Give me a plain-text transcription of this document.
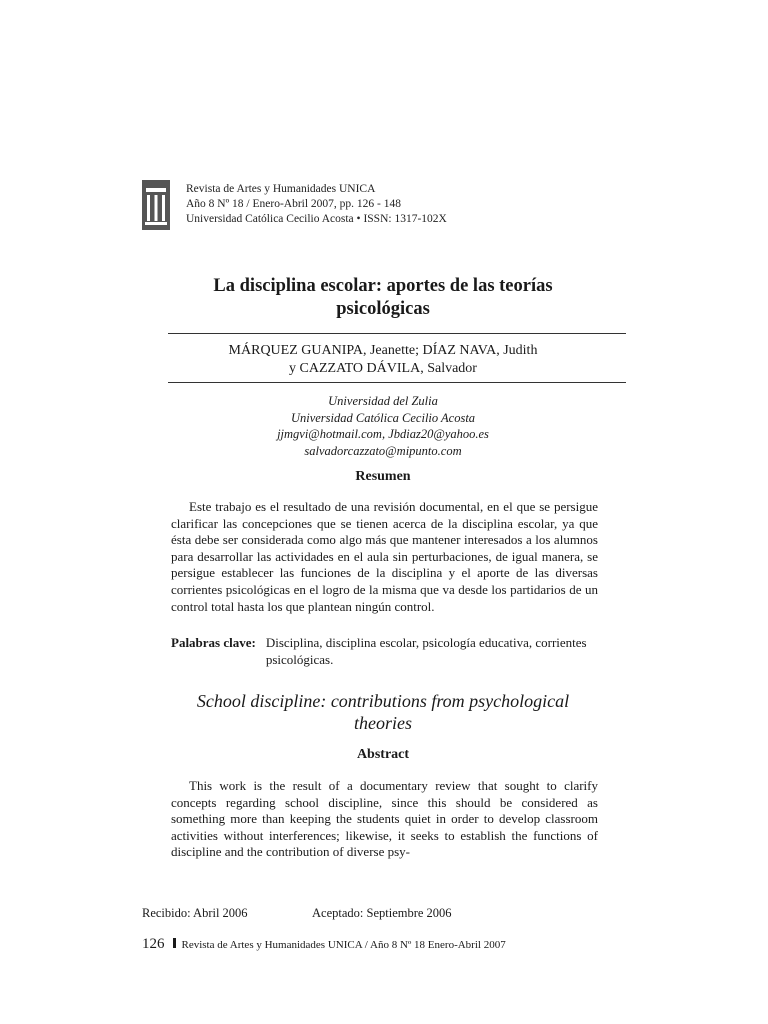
Revista de Artes y Humanidades UNICA
Año 8 Nº 18 / Enero-Abril 2007, pp. 126 - 148
Universidad Católica Cecilio Acosta • ISSN: 1317-102X
La disciplina escolar: aportes de las teorías
psicológicas
MÁRQUEZ GUANIPA, Jeanette; DÍAZ NAVA, Judith
y CAZZATO DÁVILA, Salvador
Universidad del Zulia
Universidad Católica Cecilio Acosta
jjmgvi@hotmail.com, Jbdiaz20@yahoo.es
salvadorcazzato@mipunto.com
Resumen

Este trabajo es el resultado de una revisión documental, en el que se persigue clarificar las concepciones que se tienen acerca de la disciplina escolar, ya que ésta debe ser considerada como algo más que mantener interesados a los alumnos para desarrollar las actividades en el aula sin perturbaciones, de igual manera, se persigue establecer las funciones de la disciplina y el aporte de las diversas corrientes psicológicas en el logro de la misma que va desde los partidarios de un control total hasta los que plantean ningún control.

Palabras clave: Disciplina, disciplina escolar, psicología educativa, corrientes psicológicas.
School discipline: contributions from psychological
theories
Abstract

This work is the result of a documentary review that sought to clarify concepts regarding school discipline, since this should be considered as something more than keeping the students quiet in order to develop classroom activities without interferences; likewise, it seeks to establish the functions of discipline and the contribution of diverse psy-

Recibido: Abril 2006	Aceptado: Septiembre 2006
126 Revista de Artes y Humanidades UNICA / Año 8 Nº 18 Enero-Abril 2007
